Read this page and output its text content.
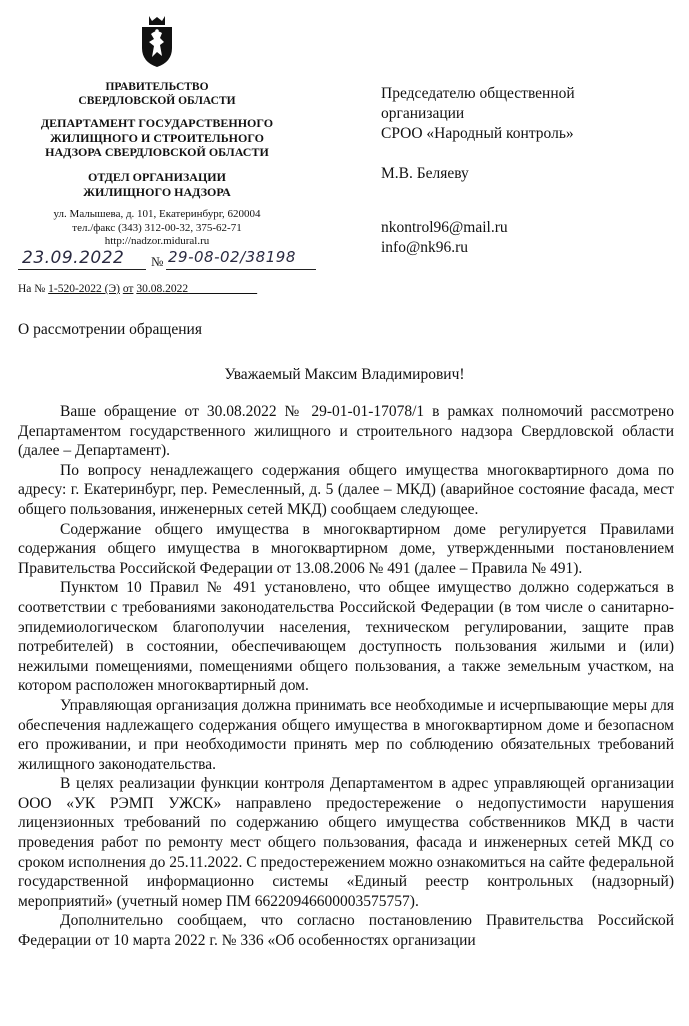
ПРАВИТЕЛЬСТВО
СВЕРДЛОВСКОЙ ОБЛАСТИ
ДЕПАРТАМЕНТ ГОСУДАРСТВЕННОГО
ЖИЛИЩНОГО И СТРОИТЕЛЬНОГО
НАДЗОРА СВЕРДЛОВСКОЙ ОБЛАСТИ
ОТДЕЛ ОРГАНИЗАЦИИ
ЖИЛИЩНОГО НАДЗОРА
ул. Малышева, д. 101, Екатеринбург, 620004
тел./факс (343) 312-00-32, 375-62-71
http://nadzor.midural.ru
23.09.2022 № 29-08-02/38198
На № 1-520-2022 (Э) от 30.08.2022____________
Председателю общественной
организации
СРОО «Народный контроль»
М.В. Беляеву
nkontrol96@mail.ru
info@nk96.ru
О рассмотрении обращения
Уважаемый Максим Владимирович!

Ваше обращение от 30.08.2022 № 29-01-01-17078/1 в рамках полномочий рассмотрено Департаментом государственного жилищного и строительного надзора Свердловской области (далее – Департамент).

По вопросу ненадлежащего содержания общего имущества многоквартирного дома по адресу: г. Екатеринбург, пер. Ремесленный, д. 5 (далее – МКД) (аварийное состояние фасада, мест общего пользования, инженерных сетей МКД) сообщаем следующее.

Содержание общего имущества в многоквартирном доме регулируется Правилами содержания общего имущества в многоквартирном доме, утвержденными постановлением Правительства Российской Федерации от 13.08.2006 № 491 (далее – Правила № 491).

Пунктом 10 Правил № 491 установлено, что общее имущество должно содержаться в соответствии с требованиями законодательства Российской Федерации (в том числе о санитарно-эпидемиологическом благополучии населения, техническом регулировании, защите прав потребителей) в состоянии, обеспечивающем доступность пользования жилыми и (или) нежилыми помещениями, помещениями общего пользования, а также земельным участком, на котором расположен многоквартирный дом.

Управляющая организация должна принимать все необходимые и исчерпывающие меры для обеспечения надлежащего содержания общего имущества в многоквартирном доме и безопасном его проживании, и при необходимости принять мер по соблюдению обязательных требований жилищного законодательства.

В целях реализации функции контроля Департаментом в адрес управляющей организации ООО «УК РЭМП УЖСК» направлено предостережение о недопустимости нарушения лицензионных требований по содержанию общего имущества собственников МКД в части проведения работ по ремонту мест общего пользования, фасада и инженерных сетей МКД со сроком исполнения до 25.11.2022. С предостережением можно ознакомиться на сайте федеральной государственной информационно системы «Единый реестр контрольных (надзорный) мероприятий» (учетный номер ПМ 66220946600003575757).

Дополнительно сообщаем, что согласно постановлению Правительства Российской Федерации от 10 марта 2022 г. № 336 «Об особенностях организации
